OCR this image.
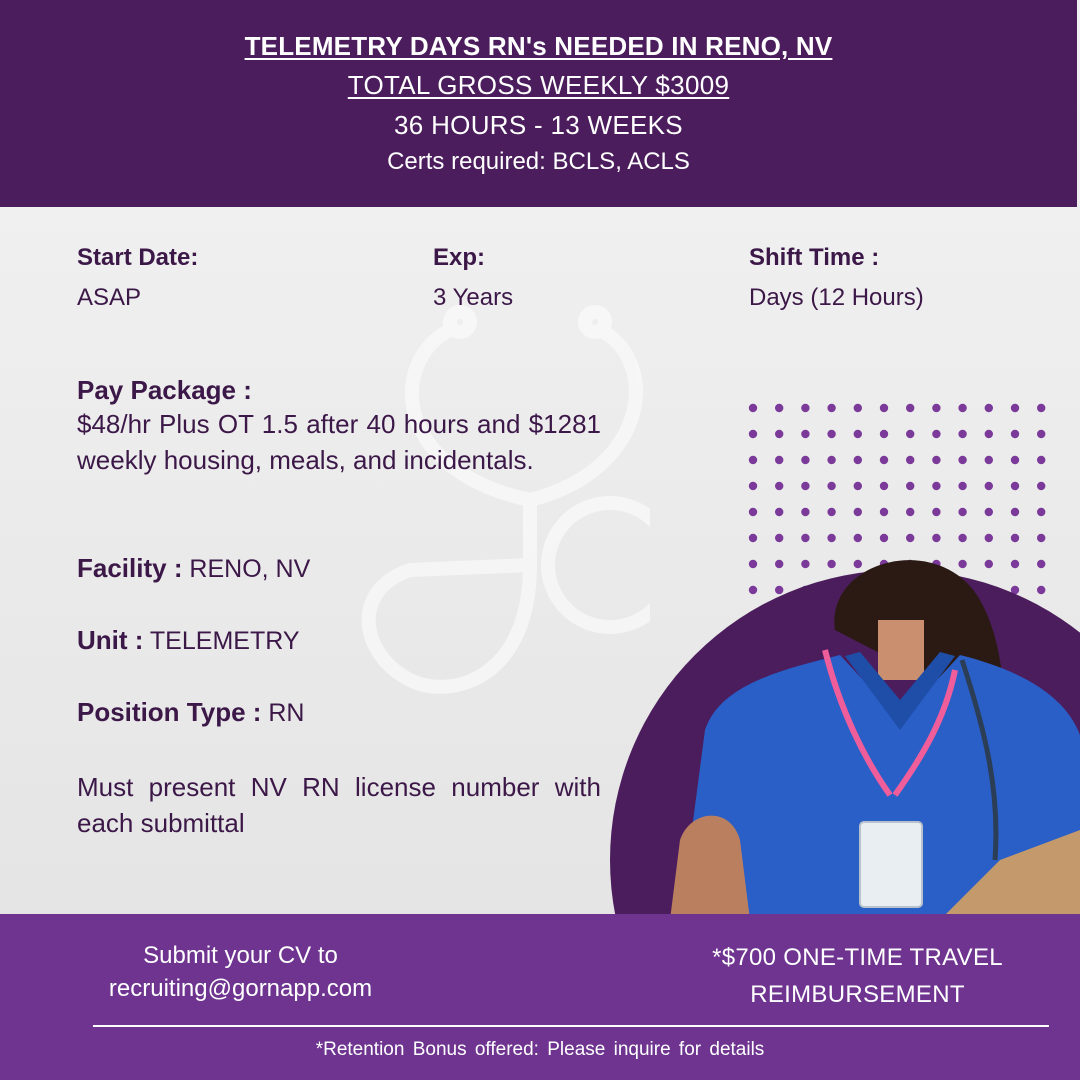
TELEMETRY DAYS RN's NEEDED IN RENO, NV
TOTAL GROSS WEEKLY $3009
36 HOURS - 13 WEEKS
Certs required: BCLS, ACLS
Start Date:
ASAP
Exp:
3 Years
Shift Time :
Days (12 Hours)
Pay Package :
$48/hr Plus OT 1.5 after 40 hours and $1281 weekly housing, meals, and incidentals.
Facility : RENO, NV
Unit : TELEMETRY
Position Type : RN
Must present NV RN license number with each submittal
Submit your CV to
recruiting@gornapp.com
*$700 ONE-TIME TRAVEL
REIMBURSEMENT
*Retention Bonus offered: Please inquire for details
